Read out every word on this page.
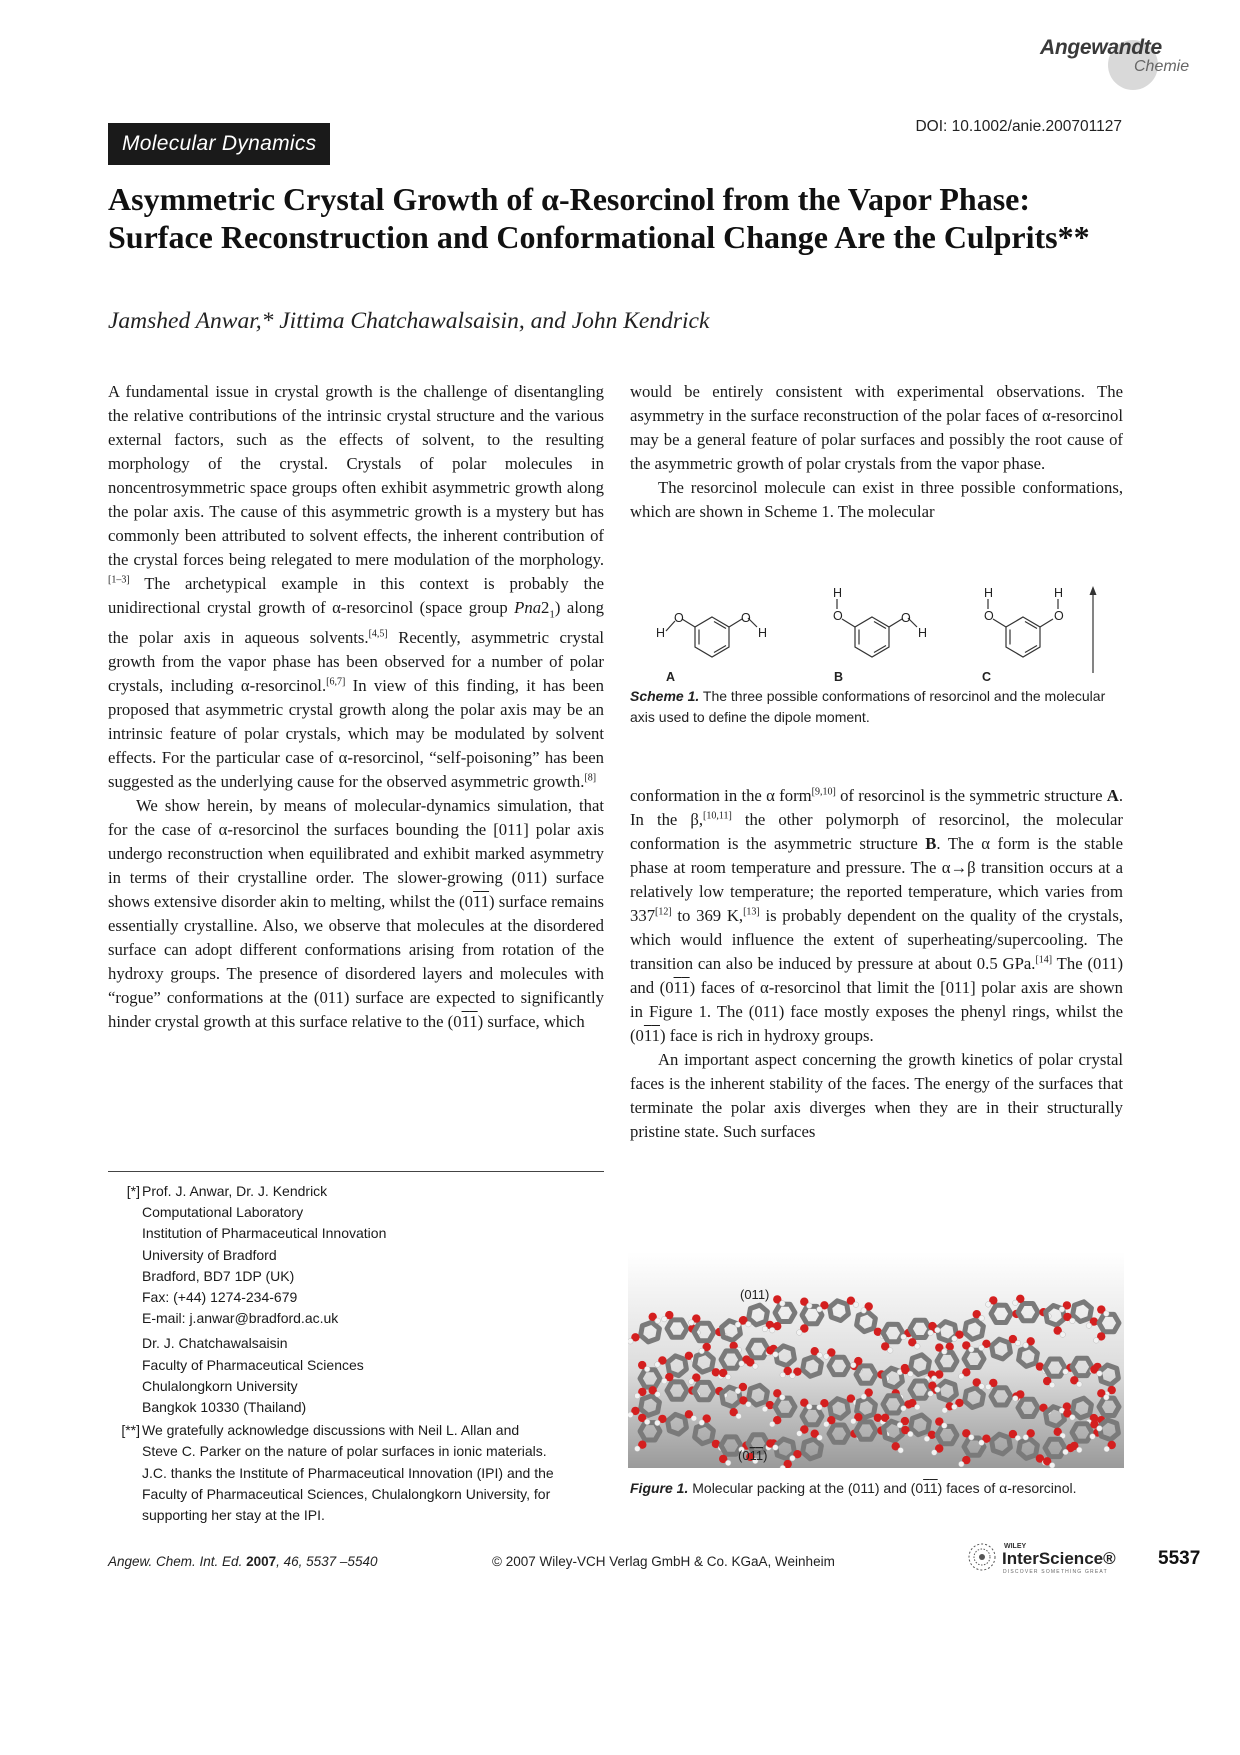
Angewandte
Chemie
Molecular Dynamics
DOI: 10.1002/anie.200701127
Asymmetric Crystal Growth of α-Resorcinol from the Vapor Phase: Surface Reconstruction and Conformational Change Are the Culprits**
Jamshed Anwar,* Jittima Chatchawalsaisin, and John Kendrick

A fundamental issue in crystal growth is the challenge of disentangling the relative contributions of the intrinsic crystal structure and the various external factors, such as the effects of solvent, to the resulting morphology of the crystal. Crystals of polar molecules in noncentrosymmetric space groups often exhibit asymmetric growth along the polar axis. The cause of this asymmetric growth is a mystery but has commonly been attributed to solvent effects, the inherent contribution of the crystal forces being relegated to mere modulation of the morphology.[1–3] The archetypical example in this context is probably the unidirectional crystal growth of α-resorcinol (space group $Pna2_1$) along the polar axis in aqueous solvents.[4,5] Recently, asymmetric crystal growth from the vapor phase has been observed for a number of polar crystals, including α-resorcinol.[6,7] In view of this finding, it has been proposed that asymmetric crystal growth along the polar axis may be an intrinsic feature of polar crystals, which may be modulated by solvent effects. For the particular case of α-resorcinol, “self-poisoning” has been suggested as the underlying cause for the observed asymmetric growth.[8]

We show herein, by means of molecular-dynamics simulation, that for the case of α-resorcinol the surfaces bounding the [011] polar axis undergo reconstruction when equilibrated and exhibit marked asymmetry in terms of their crystalline order. The slower-growing (011) surface shows extensive disorder akin to melting, whilst the (011) surface remains essentially crystalline. Also, we observe that molecules at the disordered surface can adopt different conformations arising from rotation of the hydroxy groups. The presence of disordered layers and molecules with “rogue” conformations at the (011) surface are expected to significantly hinder crystal growth at this surface relative to the (011) surface, which

would be entirely consistent with experimental observations. The asymmetry in the surface reconstruction of the polar faces of α-resorcinol may be a general feature of polar surfaces and possibly the root cause of the asymmetric growth of polar crystals from the vapor phase.

The resorcinol molecule can exist in three possible conformations, which are shown in Scheme 1. The molecular

O
H
O
H
H
O	O
H
H
O
H
O
A	B	C
Scheme 1. The three possible conformations of resorcinol and the molecular axis used to define the dipole moment.

conformation in the α form[9,10] of resorcinol is the symmetric structure A. In the β,[10,11] the other polymorph of resorcinol, the molecular conformation is the asymmetric structure B. The α form is the stable phase at room temperature and pressure. The α→β transition occurs at a relatively low temperature; the reported temperature, which varies from 337[12] to 369 K,[13] is probably dependent on the quality of the crystals, which would influence the extent of superheating/supercooling. The transition can also be induced by pressure at about 0.5 GPa.[14] The (011) and (011) faces of α-resorcinol that limit the [011] polar axis are shown in Figure 1. The (011) face mostly exposes the phenyl rings, whilst the (011) face is rich in hydroxy groups.

An important aspect concerning the growth kinetics of polar crystal faces is the inherent stability of the faces. The energy of the surfaces that terminate the polar axis diverges when they are in their structurally pristine state. Such surfaces

(011)
(011)
Figure 1. Molecular packing at the (011) and (011) faces of α-resorcinol.
[*] Prof. J. Anwar, Dr. J. Kendrick
Computational Laboratory
Institution of Pharmaceutical Innovation
University of Bradford
Bradford, BD7 1DP (UK)
Fax: (+44) 1274-234-679
E-mail: j.anwar@bradford.ac.uk
Dr. J. Chatchawalsaisin
Faculty of Pharmaceutical Sciences
Chulalongkorn University
Bangkok 10330 (Thailand)
[**] We gratefully acknowledge discussions with Neil L. Allan and
Steve C. Parker on the nature of polar surfaces in ionic materials.
J.C. thanks the Institute of Pharmaceutical Innovation (IPI) and the
Faculty of Pharmaceutical Sciences, Chulalongkorn University, for
supporting her stay at the IPI.
Angew. Chem. Int. Ed. 2007, 46, 5537 –5540	© 2007 Wiley-VCH Verlag GmbH & Co. KGaA, Weinheim
WILEY
InterScience®
DISCOVER SOMETHING GREAT
5537
